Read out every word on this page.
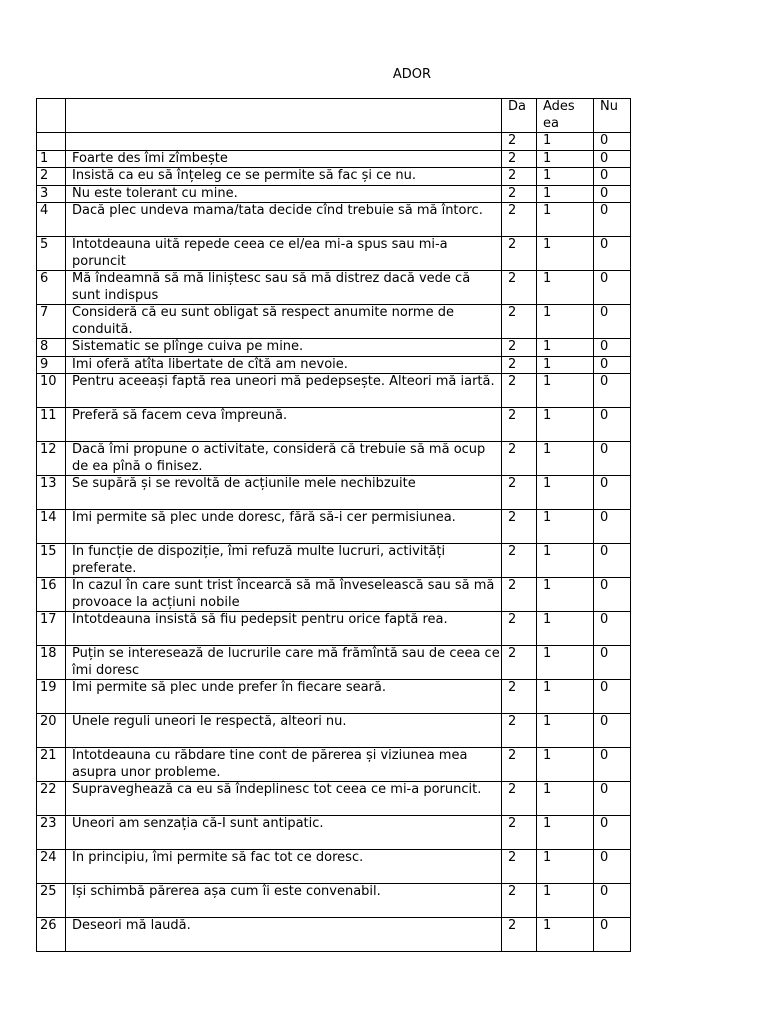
ADOR
		Da	Ades ea	Nu
		2	1	0
1	Foarte des îmi zîmbește	2	1	0
2	Insistă ca eu să înțeleg ce se permite să fac și ce nu.	2	1	0
3	Nu este tolerant cu mine.	2	1	0
4	Dacă plec undeva mama/tata decide cînd trebuie să mă întorc.	2	1	0
5	Întotdeauna uită repede ceea ce el/ea mi-a spus sau mi-a poruncit	2	1	0
6	Mă îndeamnă să mă liniștesc sau să mă distrez dacă vede că sunt indispus	2	1	0
7	Consideră că eu sunt obligat să respect anumite norme de conduită.	2	1	0
8	Sistematic se plînge cuiva pe mine.	2	1	0
9	Îmi oferă atîta libertate de cîtă am nevoie.	2	1	0
10	Pentru aceeași faptă rea uneori mă pedepsește. Alteori mă iartă.	2	1	0
11	Preferă să facem ceva împreună.	2	1	0
12	Dacă îmi propune o activitate, consideră că trebuie să mă ocup de ea pînă o finisez.	2	1	0
13	Se supără și se revoltă de acțiunile mele nechibzuite	2	1	0
14	Îmi permite să plec unde doresc, fără să-i cer permisiunea.	2	1	0
15	În funcție de dispoziție, îmi refuză multe lucruri, activități preferate.	2	1	0
16	În cazul în care sunt trist încearcă să mă înveselească sau să mă provoace la acțiuni nobile	2	1	0
17	Întotdeauna insistă să fiu pedepsit pentru orice faptă rea.	2	1	0
18	Puțin se interesează de lucrurile care mă frămîntă sau de ceea ce îmi doresc	2	1	0
19	Îmi permite să plec unde prefer în fiecare seară.	2	1	0
20	Unele reguli uneori le respectă, alteori nu.	2	1	0
21	Întotdeauna cu răbdare tine cont de părerea și viziunea mea asupra unor probleme.	2	1	0
22	Supraveghează ca eu să îndeplinesc tot ceea ce mi-a poruncit.	2	1	0
23	Uneori am senzația că-I sunt antipatic.	2	1	0
24	În principiu, îmi permite să fac tot ce doresc.	2	1	0
25	Își schimbă părerea așa cum îi este convenabil.	2	1	0
26	Deseori mă laudă.	2	1	0
